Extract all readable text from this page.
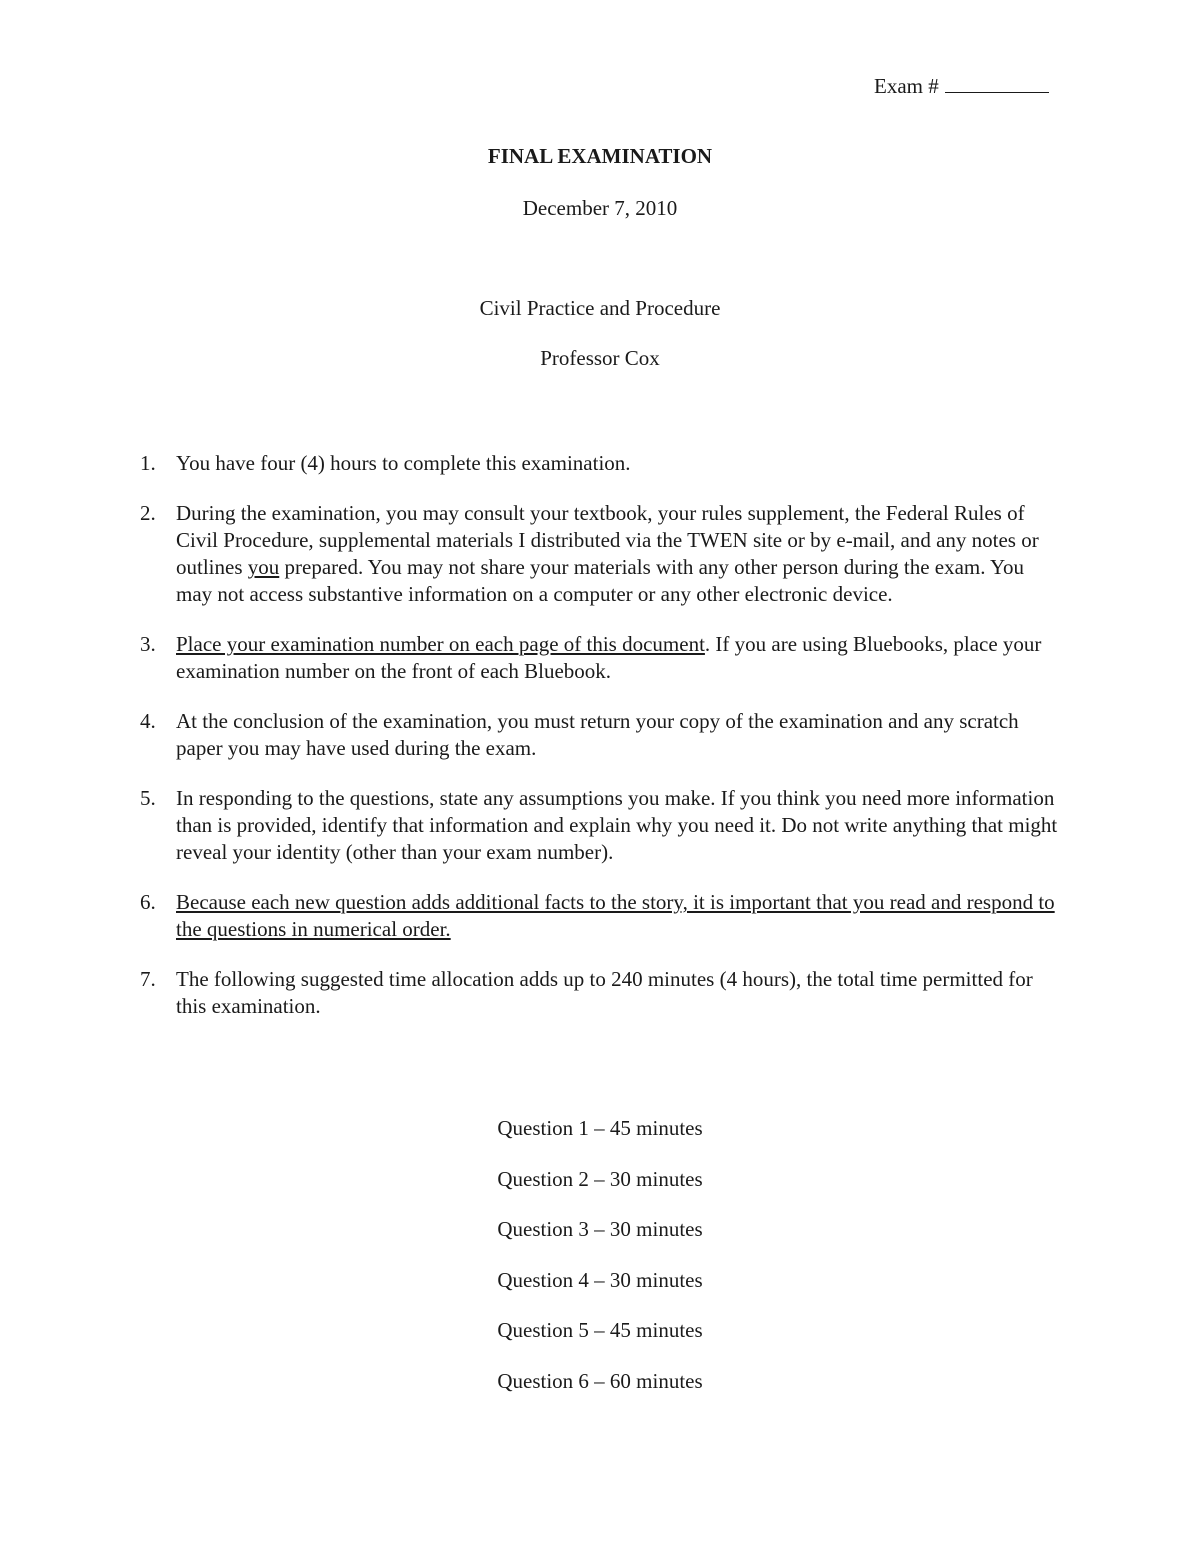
Exam #
FINAL EXAMINATION
December 7, 2010
Civil Practice and Procedure
Professor Cox
1. You have four (4) hours to complete this examination.
2. During the examination, you may consult your textbook, your rules supplement, the Federal Rules of Civil Procedure, supplemental materials I distributed via the TWEN site or by e-mail, and any notes or outlines you prepared. You may not share your materials with any other person during the exam. You may not access substantive information on a computer or any other electronic device.
3. Place your examination number on each page of this document. If you are using Bluebooks, place your examination number on the front of each Bluebook.
4. At the conclusion of the examination, you must return your copy of the examination and any scratch paper you may have used during the exam.
5. In responding to the questions, state any assumptions you make. If you think you need more information than is provided, identify that information and explain why you need it. Do not write anything that might reveal your identity (other than your exam number).
6. Because each new question adds additional facts to the story, it is important that you read and respond to the questions in numerical order.
7. The following suggested time allocation adds up to 240 minutes (4 hours), the total time permitted for this examination.
Question 1 – 45 minutes
Question 2 – 30 minutes
Question 3 – 30 minutes
Question 4 – 30 minutes
Question 5 – 45 minutes
Question 6 – 60 minutes
